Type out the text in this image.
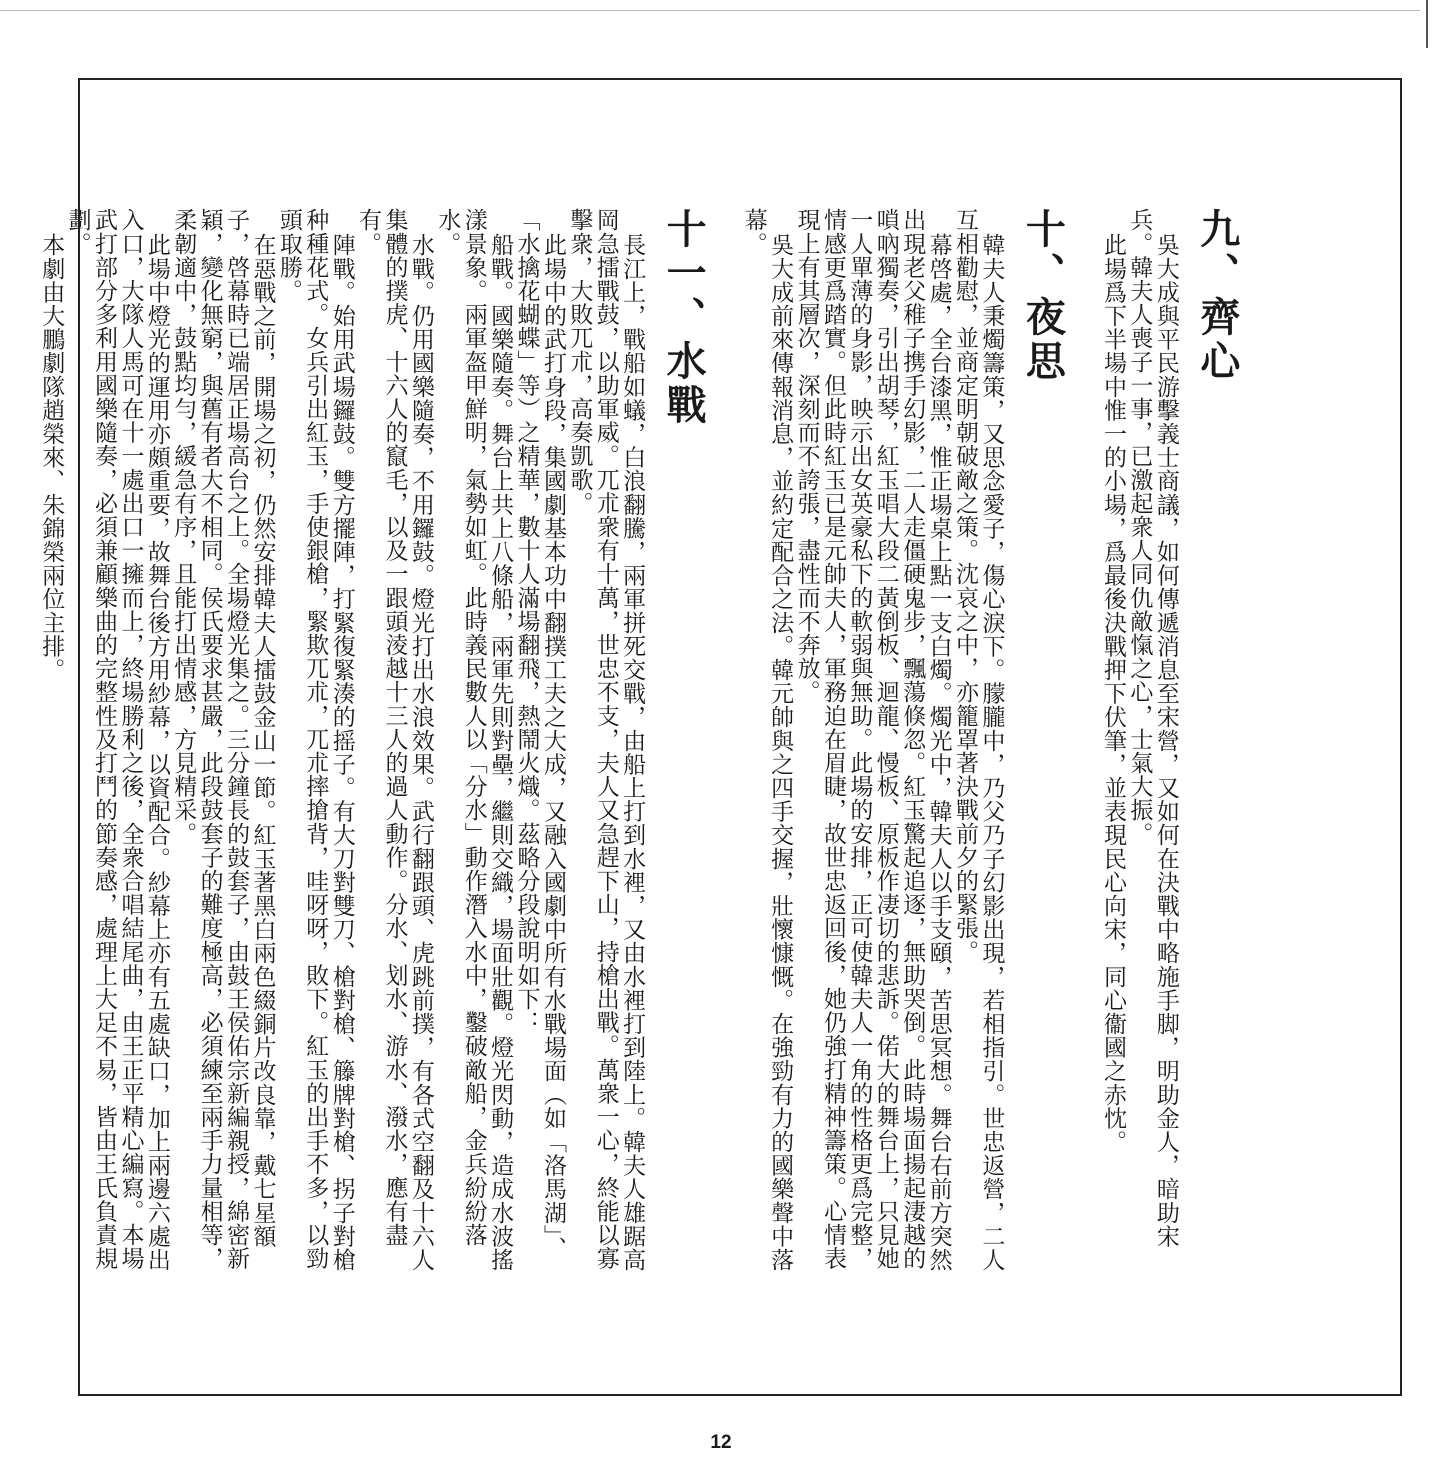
九、齊心

吳大成與平民游擊義士商議，如何傳遞消息至宋營，又如何在決戰中略施手脚，明助金人，暗助宋兵。韓夫人喪子一事，已激起衆人同仇敵愾之心，士氣大振。

此場爲下半場中惟一的小場，爲最後決戰押下伏筆，並表現民心向宋，同心衞國之赤忱。

十、夜思

韓夫人秉燭籌策，又思念愛子，傷心淚下。朦朧中，乃父乃子幻影出現，若相指引。世忠返營，二人互相勸慰，並商定明朝破敵之策。沈哀之中，亦籠罩著決戰前夕的緊張。

幕啓處，全台漆黑，惟正場桌上點一支白燭。燭光中，韓夫人以手支頤，苦思冥想。舞台右前方突然出現老父稚子携手幻影，二人走僵硬鬼步，飄蕩倏忽。紅玉驚起追逐，無助哭倒。此時場面揚起淒越的嗩吶獨奏，引出胡琴，紅玉唱大段二黃倒板、迴龍、慢板、原板作凄切的悲訴。偌大的舞台上，只見她一人單薄的身影，映示出女英豪私下的軟弱與無助。此場的安排，正可使韓夫人一角的性格更爲完整，情感更爲踏實。但此時紅玉已是元帥夫人，軍務迫在眉睫，故世忠返回後，她仍強打精神籌策。心情表現上有其層次，深刻而不誇張，盡性而不奔放。

吳大成前來傳報消息，並約定配合之法。韓元帥與之四手交握，壯懷慷慨。在強勁有力的國樂聲中落幕。

十一、水戰

長江上，戰船如蟻，白浪翻騰，兩軍拼死交戰，由船上打到水裡，又由水裡打到陸上。韓夫人雄踞高岡急擂戰鼓，以助軍威。兀朮衆有十萬，世忠不支，夫人又急趕下山，持槍出戰。萬衆一心，終能以寡擊衆，大敗兀朮，高奏凱歌。

此場中的武打身段，集國劇基本功中翻撲工夫之大成，又融入國劇中所有水戰場面（如「洛馬湖」、「水擒花蝴蝶」等）之精華，數十人滿場翻飛，熱鬧火熾。茲略分段說明如下：

船戰。國樂隨奏。舞台上共上八條船，兩軍先則對壘，繼則交織，場面壯觀。燈光閃動，造成水波搖漾景象。兩軍盔甲鮮明，氣勢如虹。此時義民數人以「分水」動作潛入水中，鑿破敵船，金兵紛紛落水。

水戰。仍用國樂隨奏，不用鑼鼓。燈光打出水浪效果。武行翻跟頭、虎跳前撲，有各式空翻及十六人集體的撲虎、十六人的竄毛，以及一跟頭淩越十三人的過人動作。分水、划水、游水、潑水，應有盡有。

陣戰。始用武場鑼鼓。雙方擺陣，打緊復緊湊的摇子。有大刀對雙刀、槍對槍、籐牌對槍、拐子對槍种種花式。女兵引出紅玉，手使銀槍，緊欺兀朮，兀朮摔搶背，哇呀呀，敗下。紅玉的出手不多，以勁頭取勝。

在惡戰之前，開場之初，仍然安排韓夫人擂鼓金山一節。紅玉著黑白兩色綴銅片改良靠，戴七星額子，啓幕時已端居正場高台之上。全場燈光集之。三分鐘長的鼓套子，由鼓王侯佑宗新編親授，綿密新穎，變化無窮，與舊有者大不相同。侯氏要求甚嚴，此段鼓套子的難度極高，必須練至兩手力量相等，柔韌適中，鼓點均勻，緩急有序，且能打出情感，方見精采。

此場中燈光的運用亦頗重要，故舞台後方用紗幕，以資配合。紗幕上亦有五處缺口，加上兩邊六處出入口，大隊人馬可在十一處出口一擁而上，終場勝利之後，全衆合唱結尾曲，由王正平精心編寫。本場武打部分多利用國樂隨奏，必須兼顧樂曲的完整性及打鬥的節奏感，處理上大足不易，皆由王氏負責規劃。

本劇由大鵬劇隊趙榮來、朱錦榮兩位主排。

12
